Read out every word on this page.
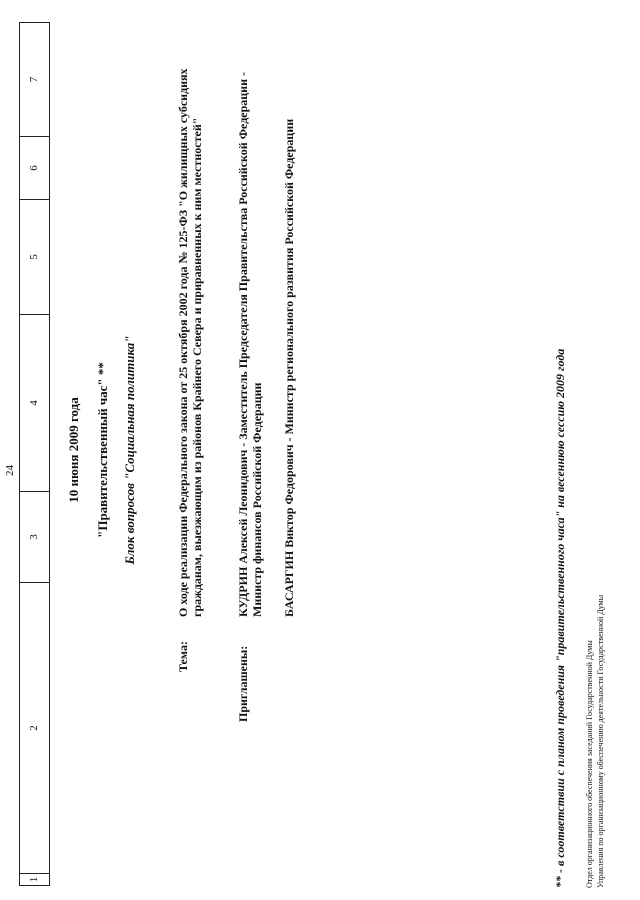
24
1
2
3
4
5
6
7
10 июня 2009 года "Правительственный час" ** Блок вопросов "Социальная политика"
Тема:
О ходе реализации Федерального закона от 25 октября 2002 года № 125-ФЗ "О жилищных субсидиях гражданам, выезжающим из районов Крайнего Севера и приравненных к ним местностей"
Приглашены:
КУДРИН Алексей Леонидович - Заместитель Председателя Правительства Российской Федерации - Министр финансов Российской Федерации БАСАРГИН Виктор Федорович - Министр регионального развития Российской Федерации	** - в соответствии с планом проведения "правительственного часа" на весеннюю сессию 2009 года Отдел организационного обеспечения заседаний Государственной Думы Управления по организационному обеспечению деятельности Государственной Думы
